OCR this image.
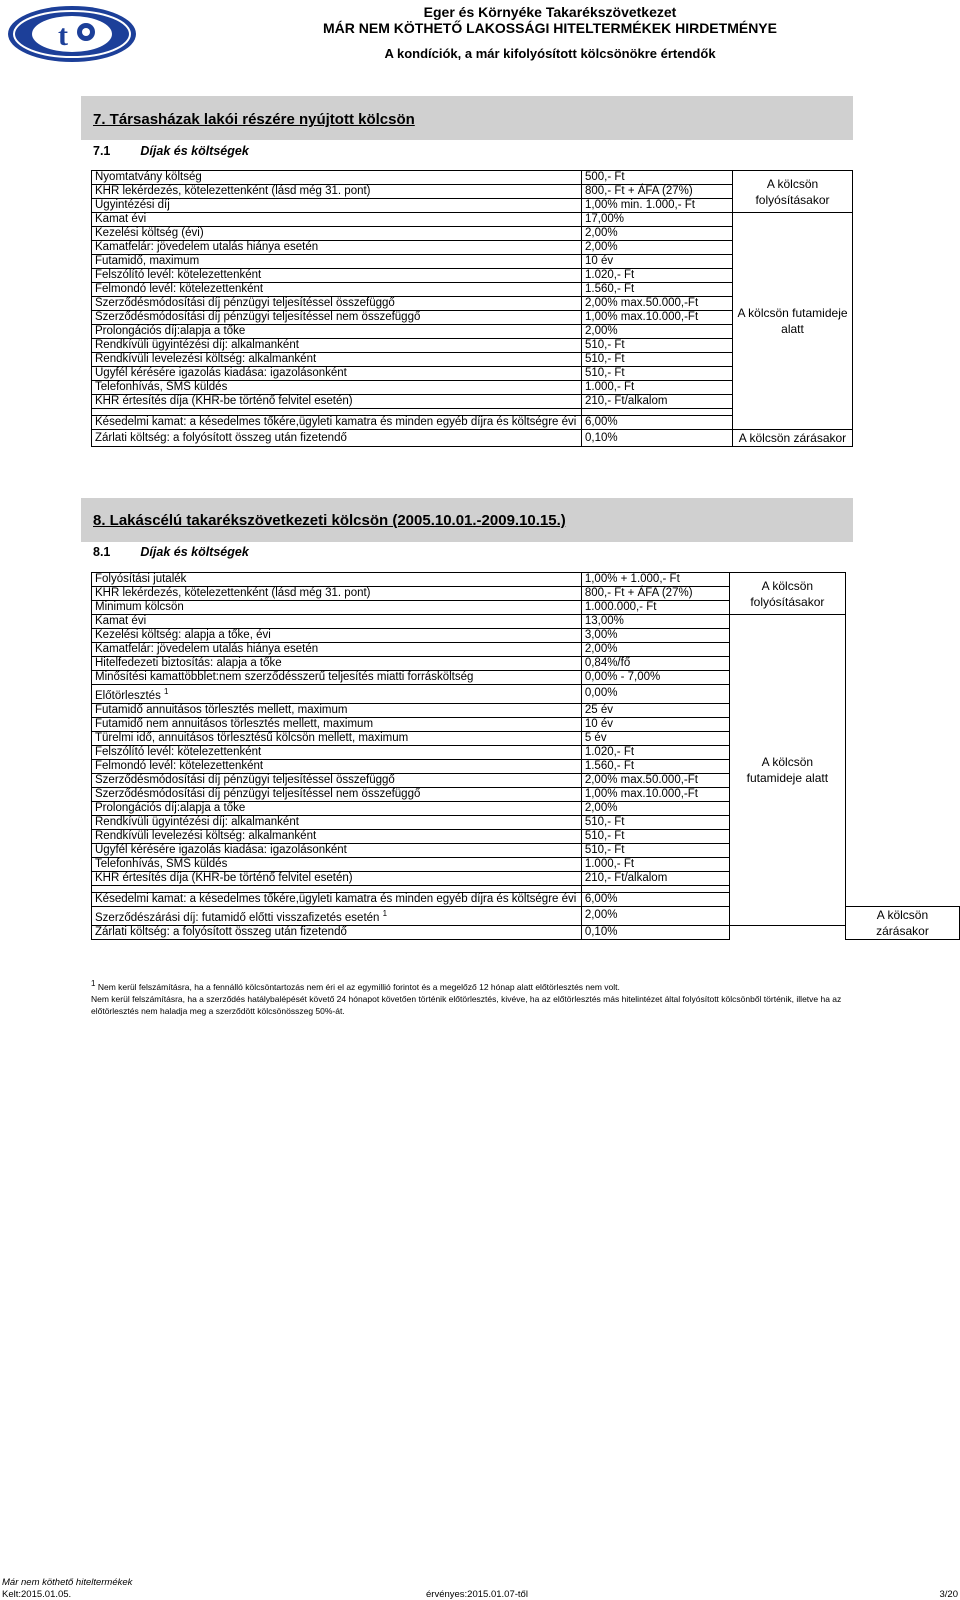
t
Eger és Környéke Takarékszövetkezet
MÁR NEM KÖTHETŐ LAKOSSÁGI HITELTERMÉKEK HIRDETMÉNYE
A kondíciók, a már kifolyósított kölcsönökre értendők
7. Társasházak lakói részére nyújtott kölcsön
7.1 Díjak és költségek
Nyomtatvány költség	500,- Ft	A kölcsön folyósításakor
KHR lekérdezés, kötelezettenként (lásd még 31. pont)	800,- Ft + ÁFA (27%)	
Ügyintézési díj	1,00% min. 1.000,- Ft	
Kamat évi	17,00%	A kölcsön futamideje alatt
Kezelési költség (évi)	2,00%	
Kamatfelár: jövedelem utalás hiánya esetén	2,00%	
Futamidő, maximum	10 év	
Felszólító levél: kötelezettenként	1.020,- Ft	
Felmondó levél: kötelezettenként	1.560,- Ft	
Szerződésmódosítási díj pénzügyi teljesítéssel összefüggő	2,00% max.50.000,-Ft	
Szerződésmódosítási díj pénzügyi teljesítéssel nem összefüggő	1,00% max.10.000,-Ft	
Prolongációs díj:alapja a tőke	2,00%	
Rendkívüli ügyintézési díj: alkalmanként	510,- Ft	
Rendkívüli levelezési költség: alkalmanként	510,- Ft	
Ügyfél kérésére igazolás kiadása: igazolásonként	510,- Ft	
Telefonhívás, SMS küldés	1.000,- Ft	
KHR értesítés díja (KHR-be történő felvitel esetén)	210,- Ft/alkalom	

Késedelmi kamat: a késedelmes tőkére,ügyleti kamatra és minden egyéb díjra és költségre évi	6,00%	
Zárlati költség: a folyósított összeg után fizetendő	0,10%	A kölcsön zárásakor
8. Lakáscélú takarékszövetkezeti kölcsön (2005.10.01.-2009.10.15.)
8.1 Díjak és költségek
Folyósítási jutalék	1,00% + 1.000,- Ft	A kölcsön folyósításakor	
KHR lekérdezés, kötelezettenként (lásd még 31. pont)	800,- Ft + ÁFA (27%)		
Minimum kölcsön	1.000.000,- Ft		
Kamat évi	13,00%	A kölcsön futamideje alatt	
Kezelési költség: alapja a tőke, évi	3,00%		
Kamatfelár: jövedelem utalás hiánya esetén	2,00%		
Hitelfedezeti biztosítás: alapja a tőke	0,84%/fő		
Minősítési kamattöbblet:nem szerződésszerű teljesítés miatti forrásköltség	0,00% - 7,00%		
Előtörlesztés $^1$	0,00%		
Futamidő annuitásos törlesztés mellett, maximum	25 év		
Futamidő nem annuitásos törlesztés mellett, maximum	10 év		
Türelmi idő, annuitásos törlesztésű kölcsön mellett, maximum	5 év		
Felszólító levél: kötelezettenként	1.020,- Ft		
Felmondó levél: kötelezettenként	1.560,- Ft		
Szerződésmódosítási díj pénzügyi teljesítéssel összefüggő	2,00% max.50.000,-Ft		
Szerződésmódosítási díj pénzügyi teljesítéssel nem összefüggő	1,00% max.10.000,-Ft		
Prolongációs díj:alapja a tőke	2,00%		
Rendkívüli ügyintézési díj: alkalmanként	510,- Ft		
Rendkívüli levelezési költség: alkalmanként	510,- Ft		
Ügyfél kérésére igazolás kiadása: igazolásonként	510,- Ft		
Telefonhívás, SMS küldés	1.000,- Ft		
KHR értesítés díja (KHR-be történő felvitel esetén)	210,- Ft/alkalom		

Késedelmi kamat: a késedelmes tőkére,ügyleti kamatra és minden egyéb díjra és költségre évi	6,00%		
Szerződészárási díj: futamidő előtti visszafizetés esetén $^1$	2,00%		A kölcsön zárásakor
Zárlati költség: a folyósított összeg után fizetendő	0,10%		
1 Nem kerül felszámításra, ha a fennálló kölcsöntartozás nem éri el az egymillió forintot és a megelőző 12 hónap alatt előtörlesztés nem volt.
Nem kerül felszámításra, ha a szerződés hatálybalépését követő 24 hónapot követően történik előtörlesztés, kivéve, ha az előtörlesztés más hitelintézet által folyósított kölcsönből történik, illetve ha az előtörlesztés nem haladja meg a szerződött kölcsönösszeg 50%-át.
Már nem köthető hiteltermékek
Kelt:2015.01.05.	érvényes:2015.01.07-től	3/20
